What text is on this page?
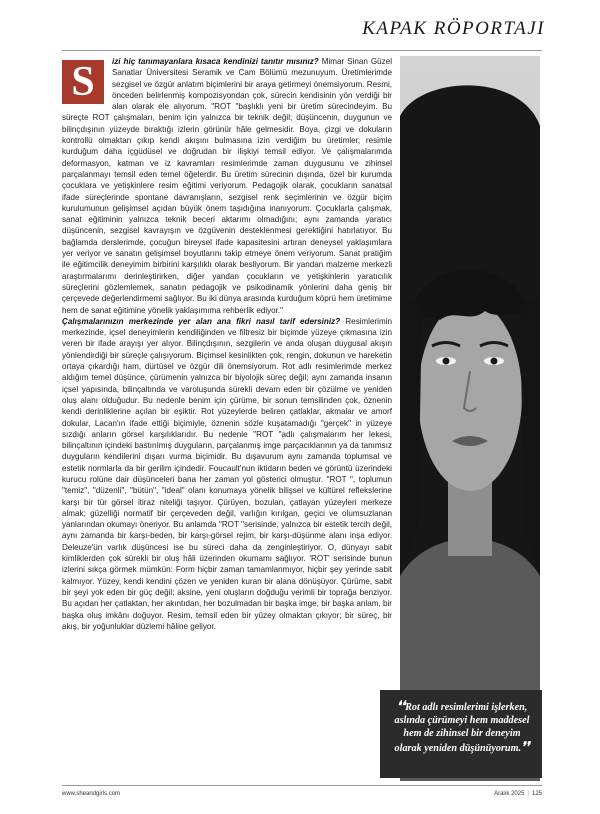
KAPAK RÖPORTAJI
S	izi hiç tanımayanlara kısaca kendinizi tanıtır mısınız? Mimar Sinan Güzel Sanatlar Üniversitesi Seramik ve Cam Bölümü mezunuyum. Üretimlerimde sezgisel ve özgür anlatım biçimlerini bir araya getirmeyi önemsiyorum. Resmi, önceden belirlenmiş kompozisyondan çok, sürecin kendisinin yön verdiği bir alan olarak ele alıyorum. "ROT "başlıklı yeni bir üretim sürecindeyim. Bu süreçte ROT çalışmaları, benim için yalnızca bir teknik değil; düşüncenin, duygunun ve bilinçdışının yüzeyde bıraktığı izlerin görünür hâle gelmesidir. Boya, çizgi ve dokuların kontrollü olmaktan çıkıp kendi akışını bulmasına izin verdiğim bu üretimler, resimle kurduğum daha içgüdüsel ve doğrudan bir ilişkiyi temsil ediyor. Ve çalışmalarımda deformasyon, katman ve iz kavramları resimlerimde zaman duygusunu ve zihinsel parçalanmayı temsil eden temel öğelerdir. Bu üretim sürecinin dışında, özel bir kurumda çocuklara ve yetişkinlere resim eğitimi veriyorum. Pedagojik olarak, çocukların sanatsal ifade süreçlerinde spontane davranışların, sezgisel renk seçimlerinin ve özgür biçim kurulumunun gelişimsel açıdan büyük önem taşıdığına inanıyorum. Çocuklarla çalışmak, sanat eğitiminin yalnızca teknik beceri aktarımı olmadığını; aynı zamanda yaratıcı düşüncenin, sezgisel kavrayışın ve özgüvenin desteklenmesi gerektiğini hatırlatıyor. Bu bağlamda derslerimde, çocuğun bireysel ifade kapasitesini artıran deneysel yaklaşımlara yer veriyor ve sanatın gelişimsel boyutlarını takip etmeye önem veriyorum. Sanat pratiğim ile eğitimcilik deneyimim birbirini karşılıklı olarak besliyorum. Bir yandan malzeme merkezli araştırmalarımı derinleştirirken, diğer yandan çocukların ve yetişkinlerin yaratıcılık süreçlerini gözlemlemek, sanatın pedagojik ve psikodinamik yönlerini daha geniş bir çerçevede değerlendirmemi sağlıyor. Bu iki dünya arasında kurduğum köprü hem üretimime hem de sanat eğitimine yönelik yaklaşımıma rehberlik ediyor."

Çalışmalarınızın merkezinde yer alan ana fikri nasıl tarif edersiniz? Resimlerimin merkezinde, içsel deneyimlerin kendiliğinden ve filtresiz bir biçimde yüzeye çıkmasına izin veren bir ifade arayışı yer alıyor. Bilinçdışının, sezgilerin ve anda oluşan duygusal akışın yönlendirdiği bir süreçle çalışıyorum. Biçimsel kesinlikten çok, rengin, dokunun ve hareketin ortaya çıkardığı ham, dürtüsel ve özgür dili önemsiyorum. Rot adlı resimlerimde merkez aldığım temel düşünce, çürümenin yalnızca bir biyolojik süreç değil; aynı zamanda insanın içsel yapısında, bilinçaltında ve varoluşunda sürekli devam eden bir çözülme ve yeniden oluş alanı olduğudur. Bu nedenle benim için çürüme, bir sonun temsilinden çok, öznenin kendi derinliklerine açılan bir eşiktir. Rot yüzeylerde beliren çatlaklar, akmalar ve amorf dokular, Lacan'ın ifade ettiği biçimiyle, öznenin sözle kuşatamadığı "gerçek" in yüzeye sızdığı anların görsel karşılıklarıdır. Bu nedenle "ROT "adlı çalışmalarım her lekesi, bilinçaltının içindeki bastırılmış duyguların, parçalanmış imge parçacıklarının ya da tanımsız duyguların kendilerini dışarı vurma biçimidir. Bu dışavurum aynı zamanda toplumsal ve estetik normlarla da bir gerilim içindedir. Foucault'nun iktidarın beden ve görüntü üzerindeki kurucu rolüne dair düşünceleri bana her zaman yol gösterici olmuştur. "ROT ", toplumun "temiz", "düzenli", "bütün", "ideal" olanı konumaya yönelik bilişsel ve kültürel reflekslerine karşı bir tür görsel itiraz niteliği taşıyor. Çürüyen, bozulan, çatlayan yüzeyleri merkeze almak; güzelliği normatif bir çerçeveden değil, varlığın kırılgan, geçici ve olumsuzlanan yanlarından okumayı öneriyor. Bu anlamda "ROT "serisinde, yalnızca bir estetik tercih değil, aynı zamanda bir karşı-beden, bir karşı-görsel rejim, bir karşı-düşünme alanı inşa ediyor. Deleuze'ün varlık düşüncesi ise bu süreci daha da zenginleştiriyor. O, dünyayı sabit kimliklerden çok sürekli bir oluş hâli üzerinden okumamı sağlıyor. 'ROT' serisinde bunun izlerini sıkça görmek mümkün: Form hiçbir zaman tamamlanmıyor, hiçbir şey yerinde sabit kalmıyor. Yüzey, kendi kendini çözen ve yeniden kuran bir alana dönüşüyor. Çürüme, sabit bir şeyi yok eden bir güç değil; aksine, yeni oluşların doğduğu verimli bir toprağa benziyor. Bu açıdan her çatlaktan, her akıntıdan, her bozulmadan bir başka imge, bir başka anlam, bir başka oluş imkânı doğuyor. Resim, temsil eden bir yüzey olmaktan çıkıyor; bir süreç, bir akış, bir yoğunluklar düzlemi hâline geliyor.

❛❛Rot adlı resimlerimi işlerken, aslında çürümeyi hem maddesel hem de zihinsel bir deneyim olarak yeniden düşünüyorum.❜❜
www.sheandgirls.com	Aralık 2025 | 125
